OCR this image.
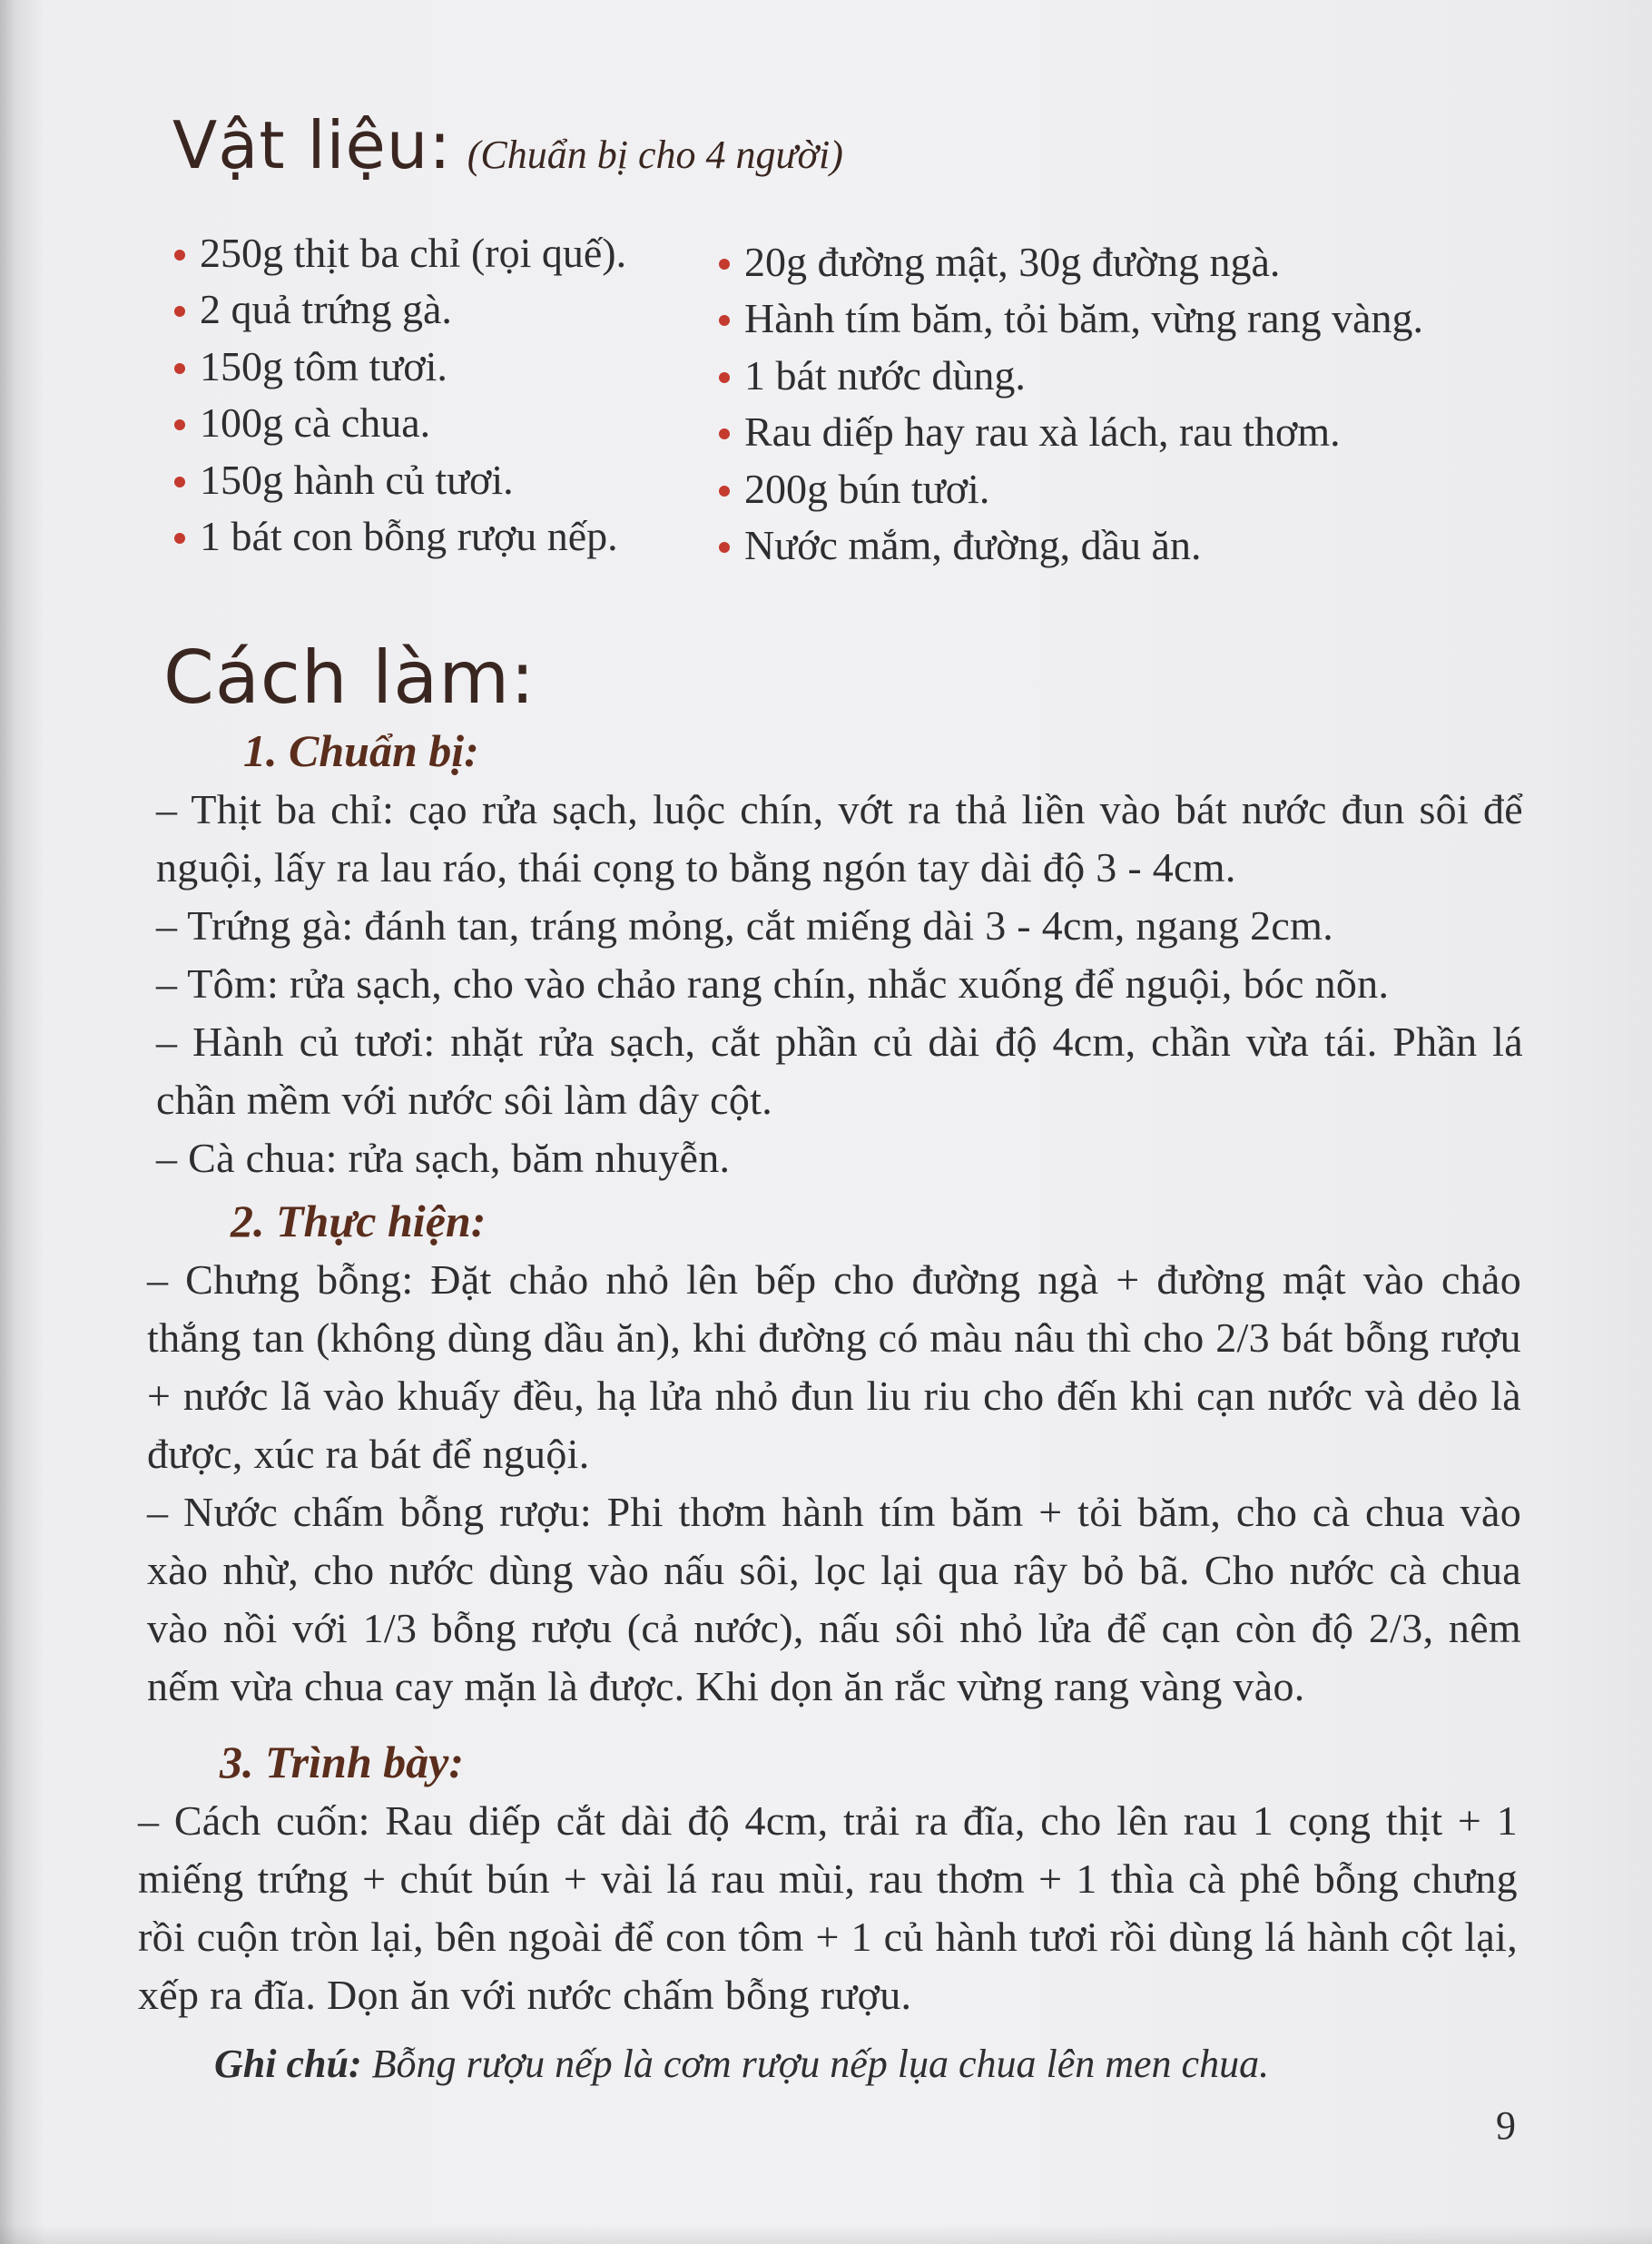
Vật liệu: (Chuẩn bị cho 4 người)
250g thịt ba chỉ (rọi quế).
2 quả trứng gà.
150g tôm tươi.
100g cà chua.
150g hành củ tươi.
1 bát con bỗng rượu nếp.
20g đường mật, 30g đường ngà.
Hành tím băm, tỏi băm, vừng rang vàng.
1 bát nước dùng.
Rau diếp hay rau xà lách, rau thơm.
200g bún tươi.
Nước mắm, đường, dầu ăn.
Cách làm:
1. Chuẩn bị:
– Thịt ba chỉ: cạo rửa sạch, luộc chín, vớt ra thả liền vào bát nước đun sôi để nguội, lấy ra lau ráo, thái cọng to bằng ngón tay dài độ 3 - 4cm.
– Trứng gà: đánh tan, tráng mỏng, cắt miếng dài 3 - 4cm, ngang 2cm.
– Tôm: rửa sạch, cho vào chảo rang chín, nhắc xuống để nguội, bóc nõn.
– Hành củ tươi: nhặt rửa sạch, cắt phần củ dài độ 4cm, chần vừa tái. Phần lá chần mềm với nước sôi làm dây cột.
– Cà chua: rửa sạch, băm nhuyễn.
2. Thực hiện:
– Chưng bỗng: Đặt chảo nhỏ lên bếp cho đường ngà + đường mật vào chảo thắng tan (không dùng dầu ăn), khi đường có màu nâu thì cho 2/3 bát bỗng rượu + nước lã vào khuấy đều, hạ lửa nhỏ đun liu riu cho đến khi cạn nước và dẻo là được, xúc ra bát để nguội.
– Nước chấm bỗng rượu: Phi thơm hành tím băm + tỏi băm, cho cà chua vào xào nhừ, cho nước dùng vào nấu sôi, lọc lại qua rây bỏ bã. Cho nước cà chua vào nồi với 1/3 bỗng rượu (cả nước), nấu sôi nhỏ lửa để cạn còn độ 2/3, nêm nếm vừa chua cay mặn là được. Khi dọn ăn rắc vừng rang vàng vào.
3. Trình bày:
– Cách cuốn: Rau diếp cắt dài độ 4cm, trải ra đĩa, cho lên rau 1 cọng thịt + 1 miếng trứng + chút bún + vài lá rau mùi, rau thơm + 1 thìa cà phê bỗng chưng rồi cuộn tròn lại, bên ngoài để con tôm + 1 củ hành tươi rồi dùng lá hành cột lại, xếp ra đĩa. Dọn ăn với nước chấm bỗng rượu.
Ghi chú: Bỗng rượu nếp là cơm rượu nếp lụa chua lên men chua.
9
